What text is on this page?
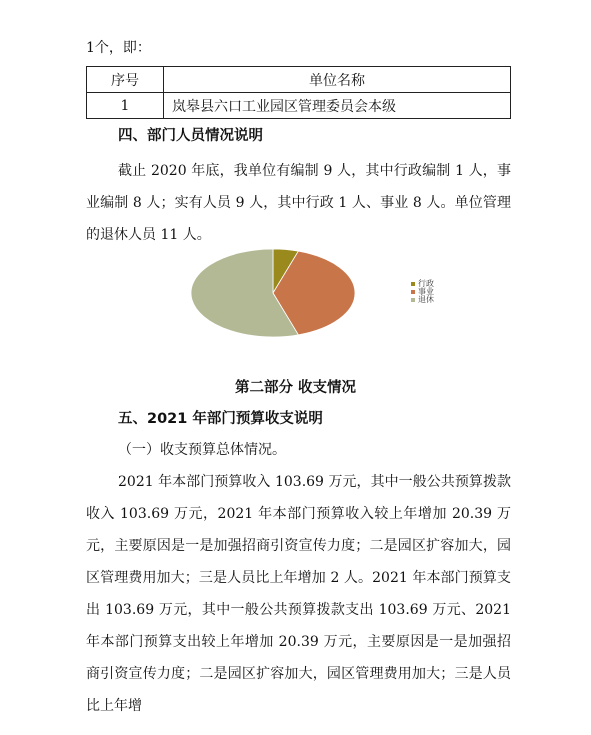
1个，即：
序号	单位名称
1	岚皋县六口工业园区管理委员会本级
四、部门人员情况说明

截止 2020 年底，我单位有编制 9 人，其中行政编制 1 人，事业编制 8 人；实有人员 9 人，其中行政 1 人、事业 8 人。单位管理的退休人员 11 人。

行政
事业
退休
第二部分 收支情况
五、2021 年部门预算收支说明
（一）收支预算总体情况。

2021 年本部门预算收入 103.69 万元，其中一般公共预算拨款收入 103.69 万元，2021 年本部门预算收入较上年增加 20.39 万元，主要原因是一是加强招商引资宣传力度；二是园区扩容加大，园区管理费用加大；三是人员比上年增加 2 人。2021 年本部门预算支出 103.69 万元，其中一般公共预算拨款支出 103.69 万元、2021 年本部门预算支出较上年增加 20.39 万元，主要原因是一是加强招商引资宣传力度；二是园区扩容加大，园区管理费用加大；三是人员比上年增
